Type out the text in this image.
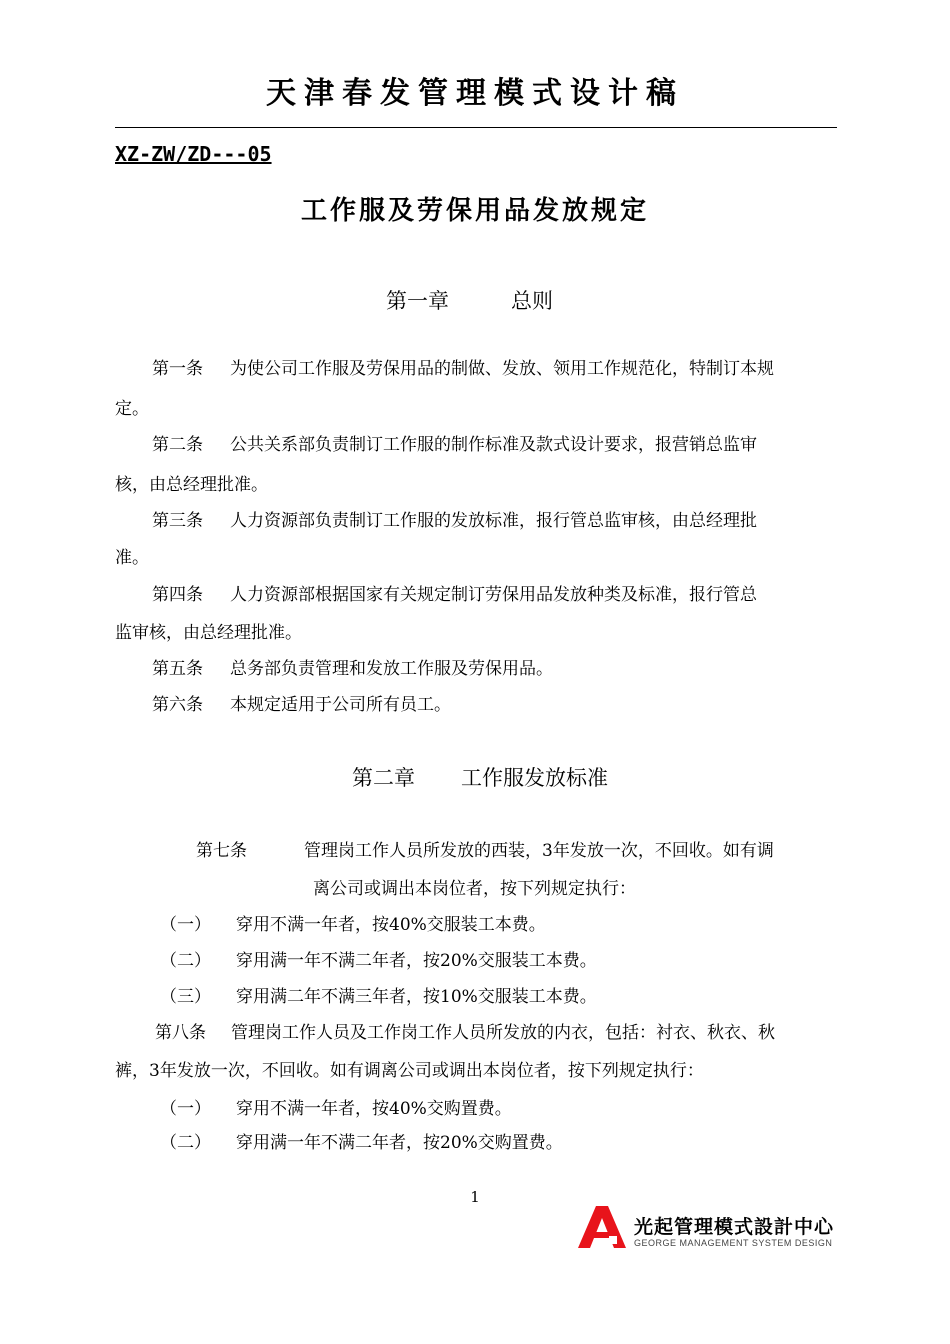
天津春发管理模式设计稿
XZ-ZW/ZD---05
工作服及劳保用品发放规定
第一章	总则
第一条 为使公司工作服及劳保用品的制做、发放、领用工作规范化，特制订本规
定。
第二条 公共关系部负责制订工作服的制作标准及款式设计要求，报营销总监审
核，由总经理批准。
第三条 人力资源部负责制订工作服的发放标准，报行管总监审核，由总经理批
准。
第四条 人力资源部根据国家有关规定制订劳保用品发放种类及标准，报行管总
监审核，由总经理批准。
第五条 总务部负责管理和发放工作服及劳保用品。
第六条 本规定适用于公司所有员工。
第二章 工作服发放标准
第七条	管理岗工作人员所发放的西装，3年发放一次，不回收。如有调
离公司或调出本岗位者，按下列规定执行：
（一） 穿用不满一年者，按40%交服装工本费。
（二） 穿用满一年不满二年者，按20%交服装工本费。
（三） 穿用满二年不满三年者，按10%交服装工本费。
第八条 管理岗工作人员及工作岗工作人员所发放的内衣，包括：衬衣、秋衣、秋
裤，3年发放一次，不回收。如有调离公司或调出本岗位者，按下列规定执行：
（一） 穿用不满一年者，按40%交购置费。
（二） 穿用满一年不满二年者，按20%交购置费。
1
光起管理模式設計中心
GEORGE MANAGEMENT SYSTEM DESIGN
